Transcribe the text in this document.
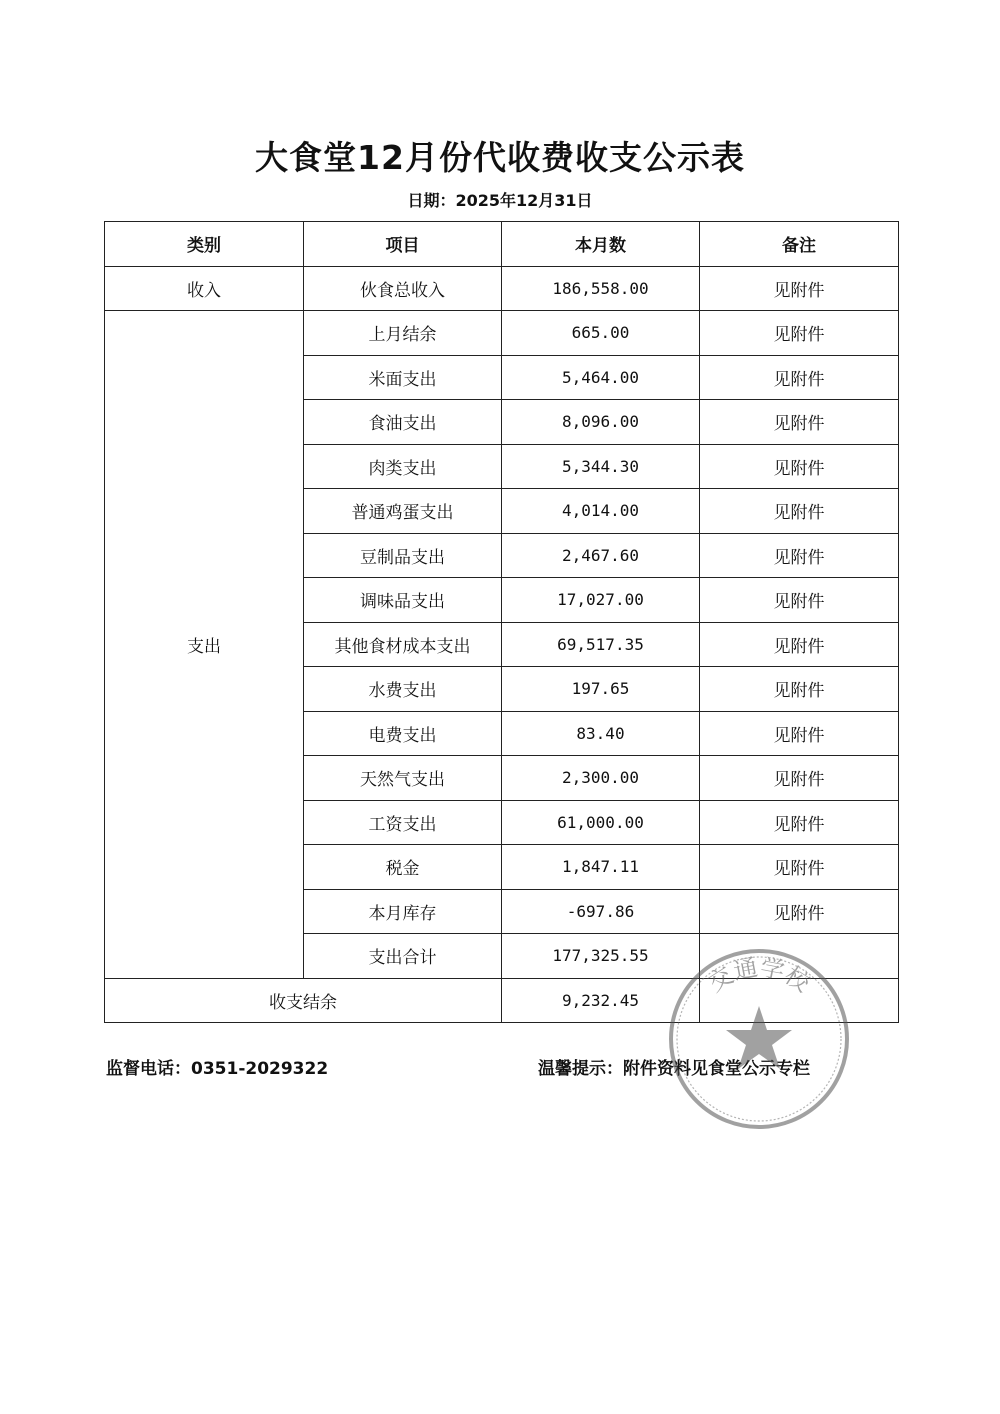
大食堂12月份代收费收支公示表
日期：2025年12月31日
类别	项目	本月数	备注
收入	伙食总收入	186,558.00	见附件
支出	上月结余	665.00	见附件
	米面支出	5,464.00	见附件
	食油支出	8,096.00	见附件
	肉类支出	5,344.30	见附件
	普通鸡蛋支出	4,014.00	见附件
	豆制品支出	2,467.60	见附件
	调味品支出	17,027.00	见附件
	其他食材成本支出	69,517.35	见附件
	水费支出	197.65	见附件
	电费支出	83.40	见附件
	天然气支出	2,300.00	见附件
	工资支出	61,000.00	见附件
	税金	1,847.11	见附件
	本月库存	-697.86	见附件
	支出合计	177,325.55	
收支结余		9,232.45	
监督电话：0351-2029322	温馨提示：附件资料见食堂公示专栏
交通学校
